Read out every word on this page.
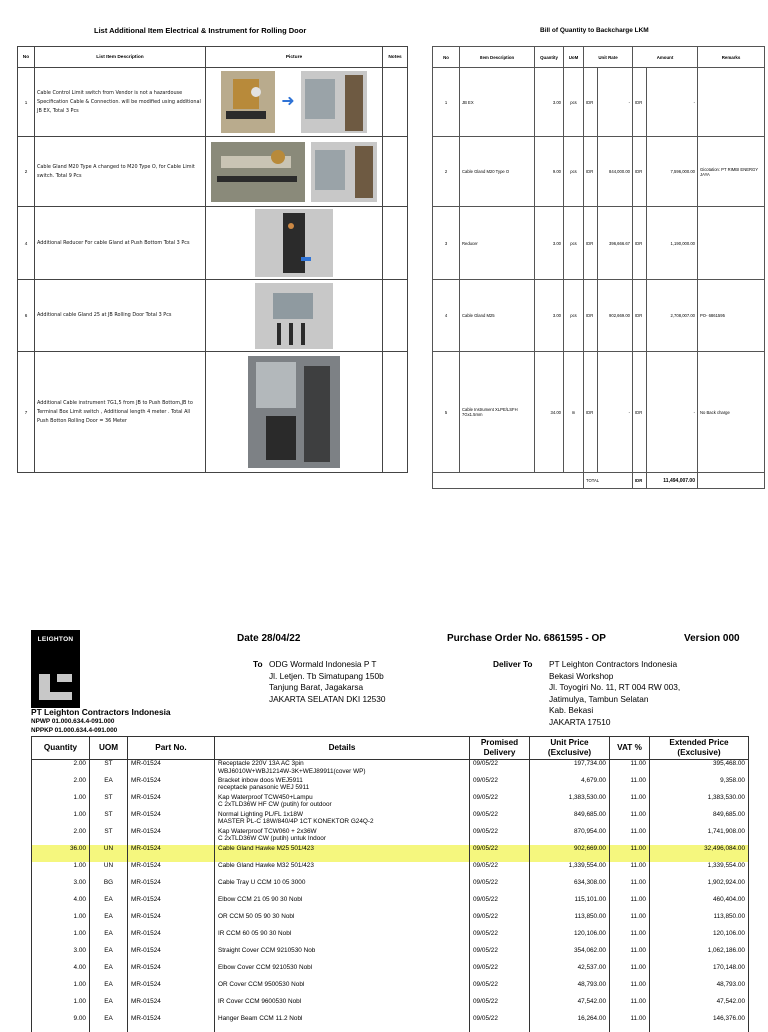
List Additional Item Electrical & Instrument for Rolling Door	Bill of Quantity to Backcharge LKM
No	List Item Description	Picture	Notes
1	Cable Control Limit switch from Vendor is not a hazardouse Specification Cable & Connection. will be modified using additional JB EX, Total 3 Pcs	➜	

2	Cable Gland M20 Type A changed to M20 Type O, for Cable Limit switch. Total 9 Pcs	

4	Additional Reducer For cable Gland at Push Bottom Total 3 Pcs	

6	Additional cable Gland 25 at JB Rolling Door Total 3 Pcs	

7	Additional Cable instrument 7G1,5 from JB to Push Bottom,JB to Terminal Box Limit switch , Additional length 4 meter . Total All Push Botton Rolling Door = 36 Meter	

No	Item Description	Quantity	UoM	Unit Rate		Amount		Remarks
1	JB EX	3.00	pcs	IDR	-	IDR	-	
2	Cable Gland M20 Type O	9.00	pcs	IDR	844,000.00	IDR	7,596,000.00	Gicotation: PT RIMBI ENERGY JAYA
3	Reducer	3.00	pcs	IDR	396,666.67	IDR	1,190,000.00	
4	Cable Gland M25	3.00	pcs	IDR	902,669.00	IDR	2,708,007.00	PO- 6861595
5	Cable Instrument XLPE/LSFH 7Gx1.5mm	34.00	m	IDR	-	IDR	-	No Back charge
				TOTAL		IDR	11,494,007.00	
LEIGHTON
PT Leighton Contractors Indonesia
NPWP 01.000.634.4-091.000
NPPKP 01.000.634.4-091.000
Date 28/04/22	Purchase Order No. 6861595 - OP	Version 000
To ODG Wormald Indonesia P T
Jl. Letjen. Tb Simatupang 150b
Tanjung Barat, Jagakarsa
JAKARTA SELATAN DKI 12530
Deliver To PT Leighton Contractors Indonesia
Bekasi Workshop
Jl. Toyogiri No. 11, RT 004 RW 003,
Jatimulya, Tambun Selatan
Kab. Bekasi
JAKARTA 17510
Quantity	UOM	Part No.	Details	Promised Delivery	Unit Price (Exclusive)	VAT %	Extended Price (Exclusive)
2.00	ST	MR-01524	Receptacle 220V 13A AC 3pin
WBJ6010W+WBJ1214W-3K+WEJ89911(cover WP)	09/05/22	197,734.00	11.00	395,468.00
2.00	EA	MR-01524	Bracket inbow doos WEJ5911
receptacle panasonic WEJ 5911	09/05/22	4,679.00	11.00	9,358.00
1.00	ST	MR-01524	Kap Waterproof TCW450+Lampu
C 2xTLD36W HF CW (putih) for outdoor	09/05/22	1,383,530.00	11.00	1,383,530.00
1.00	ST	MR-01524	Normal Lighting PL/FL 1x18W
MASTER PL-C 18W/840/4P 1CT KONEKTOR G24Q-2	09/05/22	849,685.00	11.00	849,685.00
2.00	ST	MR-01524	Kap Waterproof TCW060 + 2x36W
C 2xTLD36W CW (putih) untuk Indoor	09/05/22	870,954.00	11.00	1,741,908.00
36.00	UN	MR-01524	Cable Gland Hawke M25 501/423	09/05/22	902,669.00	11.00	32,496,084.00
1.00	UN	MR-01524	Cable Gland Hawke M32 501/423	09/05/22	1,339,554.00	11.00	1,339,554.00
3.00	BG	MR-01524	Cable Tray U CCM 10 05 3000	09/05/22	634,308.00	11.00	1,902,924.00
4.00	EA	MR-01524	Elbow CCM 21 05 90 30 Nobl	09/05/22	115,101.00	11.00	460,404.00
1.00	EA	MR-01524	OR CCM 50 05 90 30 Nobl	09/05/22	113,850.00	11.00	113,850.00
1.00	EA	MR-01524	IR CCM 60 05 90 30 Nobl	09/05/22	120,106.00	11.00	120,106.00
3.00	EA	MR-01524	Straight Cover CCM 9210530 Nob	09/05/22	354,062.00	11.00	1,062,186.00
4.00	EA	MR-01524	Elbow Cover CCM 9210530 Nobl	09/05/22	42,537.00	11.00	170,148.00
1.00	EA	MR-01524	OR Cover CCM 9500530 Nobl	09/05/22	48,793.00	11.00	48,793.00
1.00	EA	MR-01524	IR Cover CCM 9600530 Nobl	09/05/22	47,542.00	11.00	47,542.00
9.00	EA	MR-01524	Hanger Beam CCM 11.2 Nobl	09/05/22	16,264.00	11.00	146,376.00
